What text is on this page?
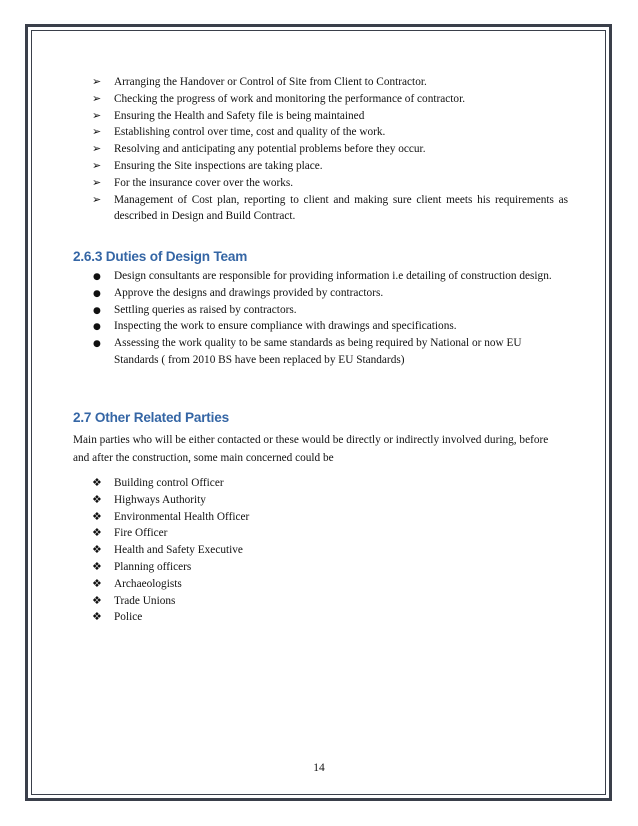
➢ Arranging the Handover or Control of Site from Client to Contractor.
➢ Checking the progress of work and monitoring the performance of contractor.
➢ Ensuring the Health and Safety file is being maintained
➢ Establishing control over time, cost and quality of the work.
➢ Resolving and anticipating any potential problems before they occur.
➢ Ensuring the Site inspections are taking place.
➢ For the insurance cover over the works.
➢ Management of Cost plan, reporting to client and making sure client meets his requirements as described in Design and Build Contract.
2.6.3 Duties of Design Team
● Design consultants are responsible for providing information i.e detailing of construction design.
● Approve the designs and drawings provided by contractors.
● Settling queries as raised by contractors.
● Inspecting the work to ensure compliance with drawings and specifications.
● Assessing the work quality to be same standards as being required by National or now EU Standards ( from 2010 BS have been replaced by EU Standards)
2.7 Other Related Parties

Main parties who will be either contacted or these would be directly or indirectly involved during, before and after the construction, some main concerned could be

❖ Building control Officer
❖ Highways Authority
❖ Environmental Health Officer
❖ Fire Officer
❖ Health and Safety Executive
❖ Planning officers
❖ Archaeologists
❖ Trade Unions
❖ Police
14
